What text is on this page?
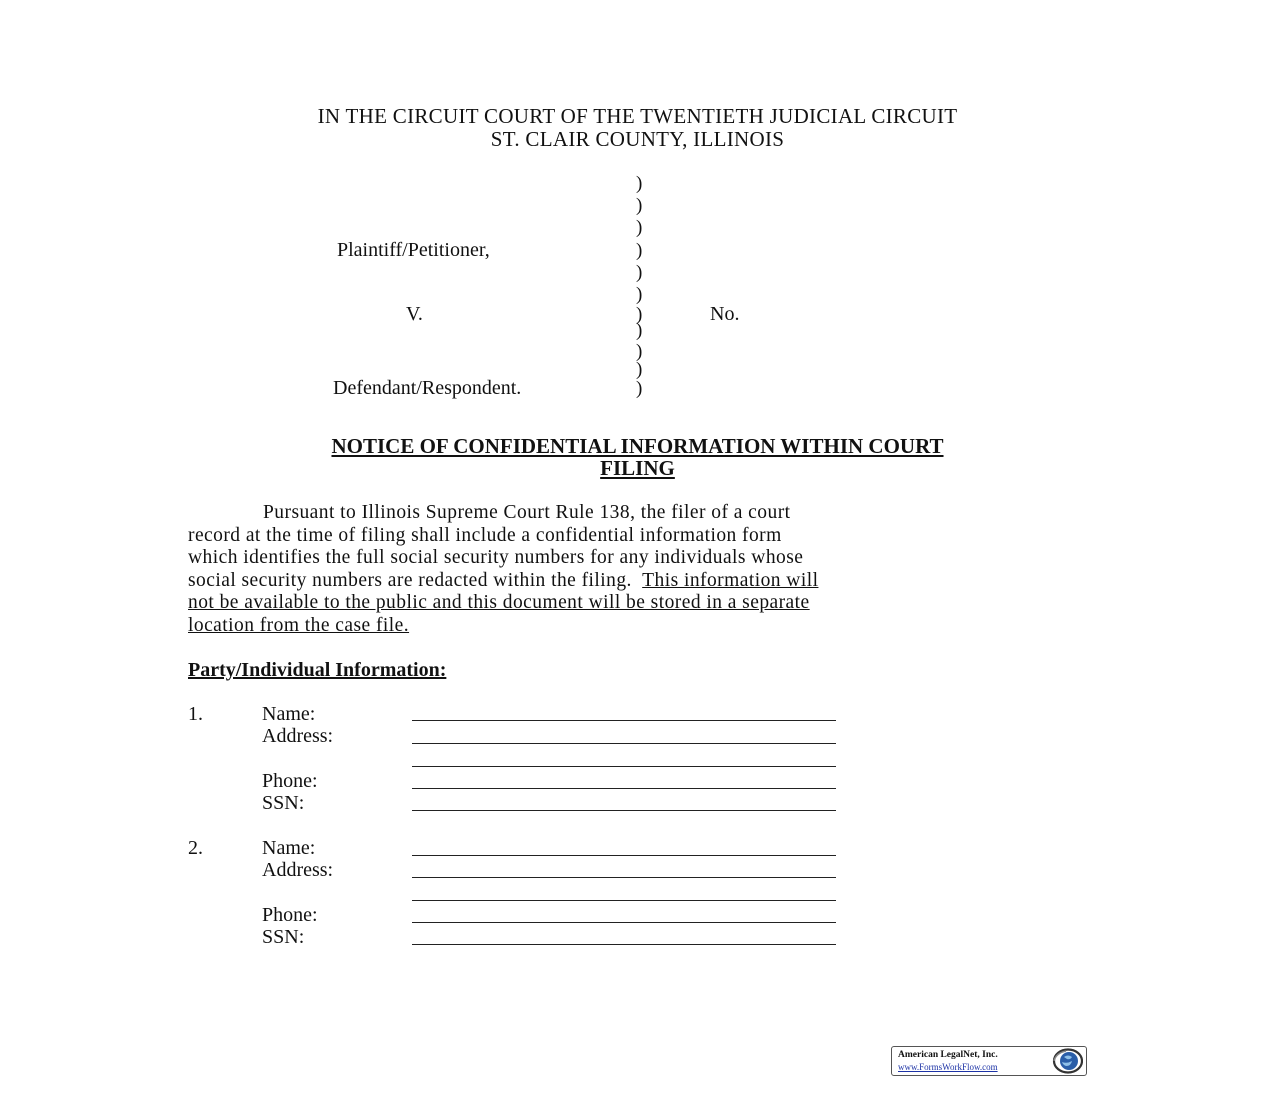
IN THE CIRCUIT COURT OF THE TWENTIETH JUDICIAL CIRCUIT
ST. CLAIR COUNTY, ILLINOIS
)
)
)
)
)
)
)
)
)
)
)
Plaintiff/Petitioner,
V.	No.
Defendant/Respondent.
NOTICE OF CONFIDENTIAL INFORMATION WITHIN COURT
FILING
Pursuant to Illinois Supreme Court Rule 138, the filer of a court
record at the time of filing shall include a confidential information form
which identifies the full social security numbers for any individuals whose
social security numbers are redacted within the filing. This information will
not be available to the public and this document will be stored in a separate
location from the case file.
Party/Individual Information:
1.	Name:
Address:
Phone:
SSN:
2.	Name:
Address:
Phone:
SSN:
American LegalNet, Inc.
www.FormsWorkFlow.com
